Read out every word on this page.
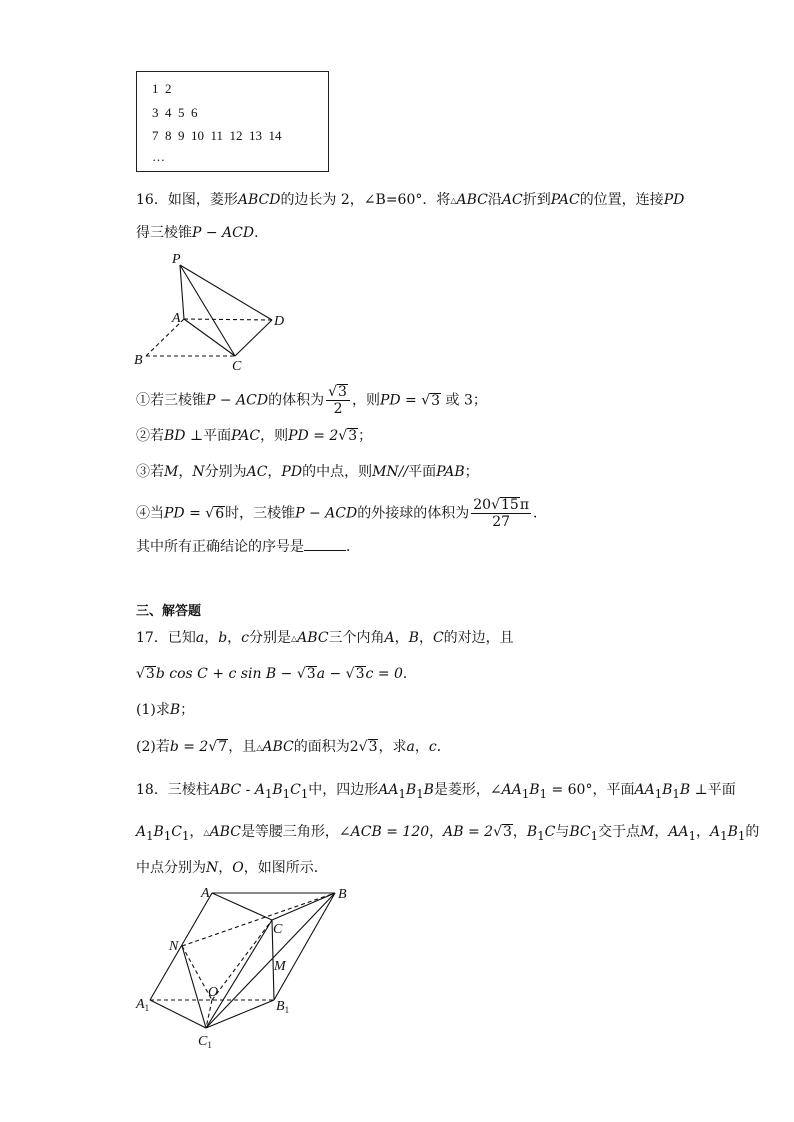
1  2
3  4  5  6
7  8  9  10  11  12  13  14
…
16．如图，菱形ABCD的边长为 2，∠B=60°．将△ABC沿AC折到PAC的位置，连接PD
得三棱锥P − ACD．
P
A	D
B	C
①若三棱锥P − ACD的体积为 $\frac{√3}{2}$ ，则PD = √3 或 3；
②若BD ⊥平面PAC，则PD = 2√3；
③若M，N分别为AC，PD的中点，则MN//平面PAB；
④当PD = √6时，三棱锥P − ACD的外接球的体积为 $\frac{20√15\pi}{27}$ ．
其中所有正确结论的序号是	．
三、解答题
17．已知a，b，c分别是△ABC三个内角A，B，C的对边，且
√3b cos C + c sin B − √3a − √3c = 0．
(1)求B；
(2)若b = 2√7，且△ABC的面积为2√3，求a，c．
18．三棱柱ABC - $A_1B_1C_1$中，四边形$AA_1B_1B$是菱形，$\angle AA_1B_1 = 60^\circ$，平面$AA_1B_1B$ ⊥平面
$A_1B_1C_1$，△ABC是等腰三角形，∠ACB = 120，AB = 2√3，$B_1C$与$BC_1$交于点M，$AA_1$，$A_1B_1$的
中点分别为N，O，如图所示．
A	B
N
C
M
O
$A_1$	$B_1$
$C_1$
